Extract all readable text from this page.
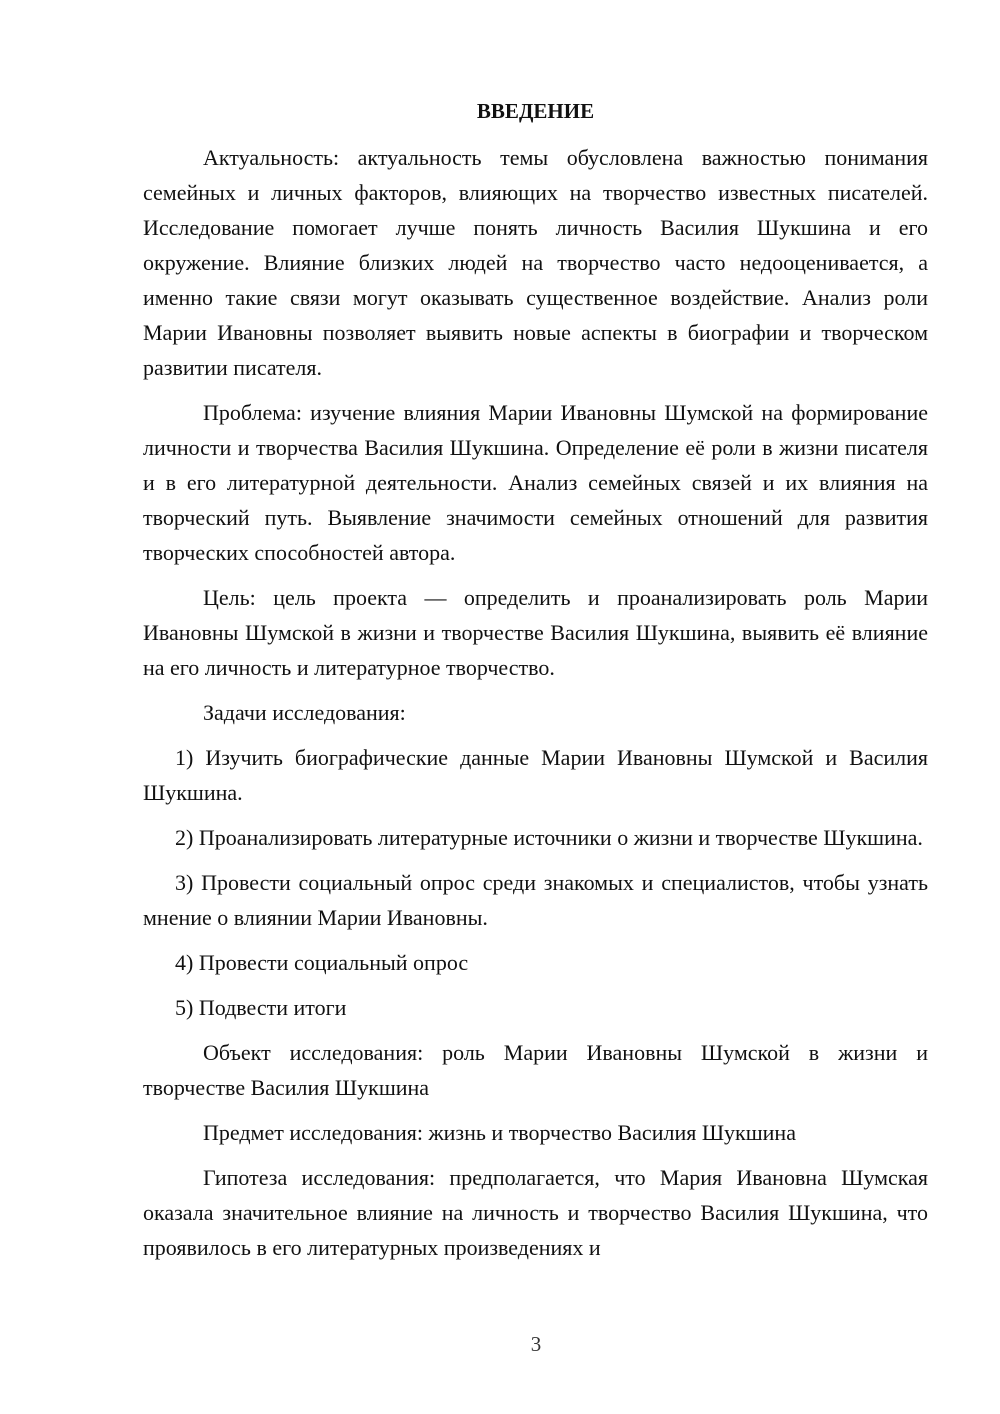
ВВЕДЕНИЕ

Актуальность: актуальность темы обусловлена важностью понимания семейных и личных факторов, влияющих на творчество известных писателей. Исследование помогает лучше понять личность Василия Шукшина и его окружение. Влияние близких людей на творчество часто недооценивается, а именно такие связи могут оказывать существенное воздействие. Анализ роли Марии Ивановны позволяет выявить новые аспекты в биографии и творческом развитии писателя.

Проблема: изучение влияния Марии Ивановны Шумской на формирование личности и творчества Василия Шукшина. Определение её роли в жизни писателя и в его литературной деятельности. Анализ семейных связей и их влияния на творческий путь. Выявление значимости семейных отношений для развития творческих способностей автора.

Цель: цель проекта — определить и проанализировать роль Марии Ивановны Шумской в жизни и творчестве Василия Шукшина, выявить её влияние на его личность и литературное творчество.

Задачи исследования:

1) Изучить биографические данные Марии Ивановны Шумской и Василия Шукшина.

2) Проанализировать литературные источники о жизни и творчестве Шукшина.

3) Провести социальный опрос среди знакомых и специалистов, чтобы узнать мнение о влиянии Марии Ивановны.

4) Провести социальный опрос

5) Подвести итоги

Объект исследования: роль Марии Ивановны Шумской в жизни и творчестве Василия Шукшина

Предмет исследования: жизнь и творчество Василия Шукшина

Гипотеза исследования: предполагается, что Мария Ивановна Шумская оказала значительное влияние на личность и творчество Василия Шукшина, что проявилось в его литературных произведениях и

3
